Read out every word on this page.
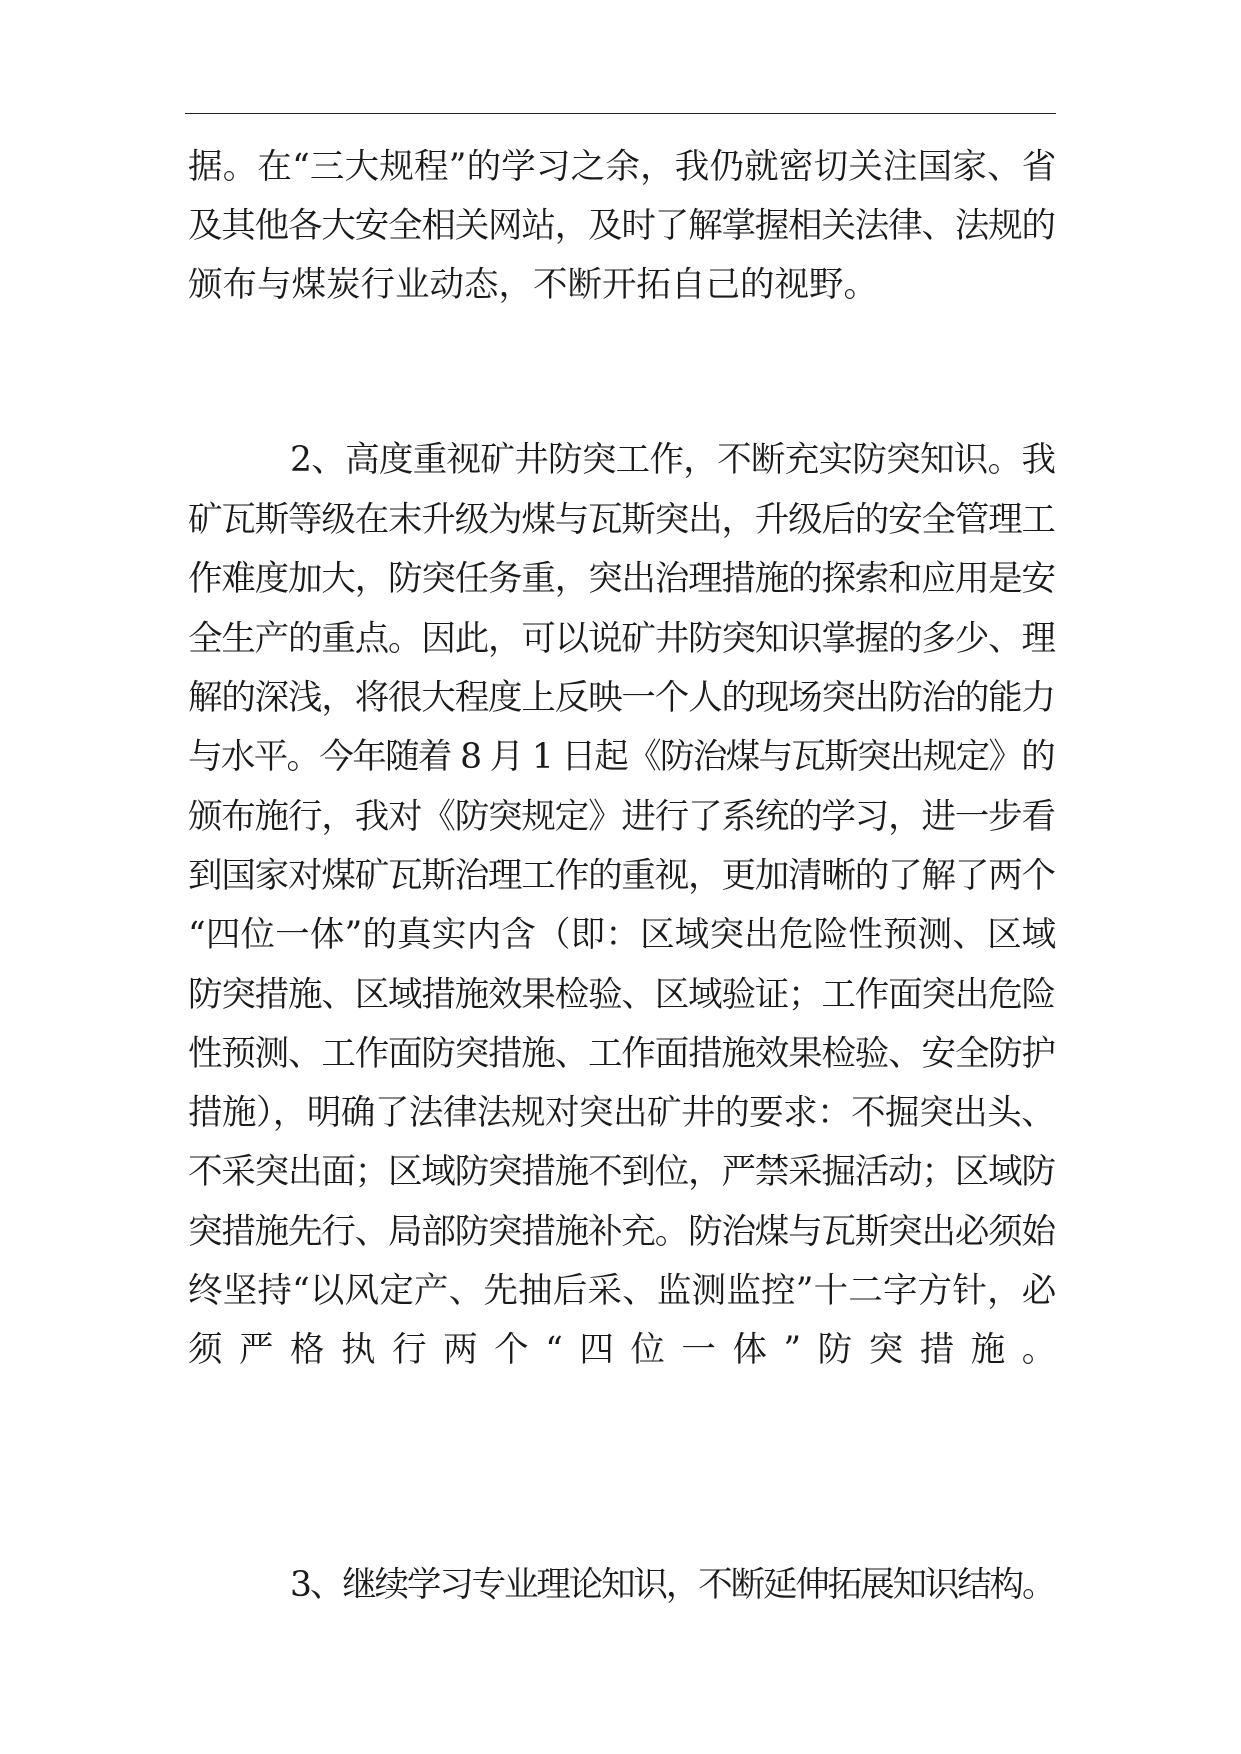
据。在“三大规程”的学习之余，我仍就密切关注国家、省

及其他各大安全相关网站，及时了解掌握相关法律、法规的

颁布与煤炭行业动态，不断开拓自己的视野。

2、高度重视矿井防突工作，不断充实防突知识。我

矿瓦斯等级在末升级为煤与瓦斯突出，升级后的安全管理工

作难度加大，防突任务重，突出治理措施的探索和应用是安

全生产的重点。因此，可以说矿井防突知识掌握的多少、理

解的深浅，将很大程度上反映一个人的现场突出防治的能力

与水平。今年随着 8 月 1 日起《防治煤与瓦斯突出规定》的

颁布施行，我对《防突规定》进行了系统的学习，进一步看

到国家对煤矿瓦斯治理工作的重视，更加清晰的了解了两个

“四位一体”的真实内含（即：区域突出危险性预测、区域

防突措施、区域措施效果检验、区域验证；工作面突出危险

性预测、工作面防突措施、工作面措施效果检验、安全防护

措施），明确了法律法规对突出矿井的要求：不掘突出头、

不采突出面；区域防突措施不到位，严禁采掘活动；区域防

突措施先行、局部防突措施补充。防治煤与瓦斯突出必须始

终坚持“以风定产、先抽后采、监测监控”十二字方针，必

须严格执行两个“四位一体”防突措施。

3、继续学习专业理论知识，不断延伸拓展知识结构。
